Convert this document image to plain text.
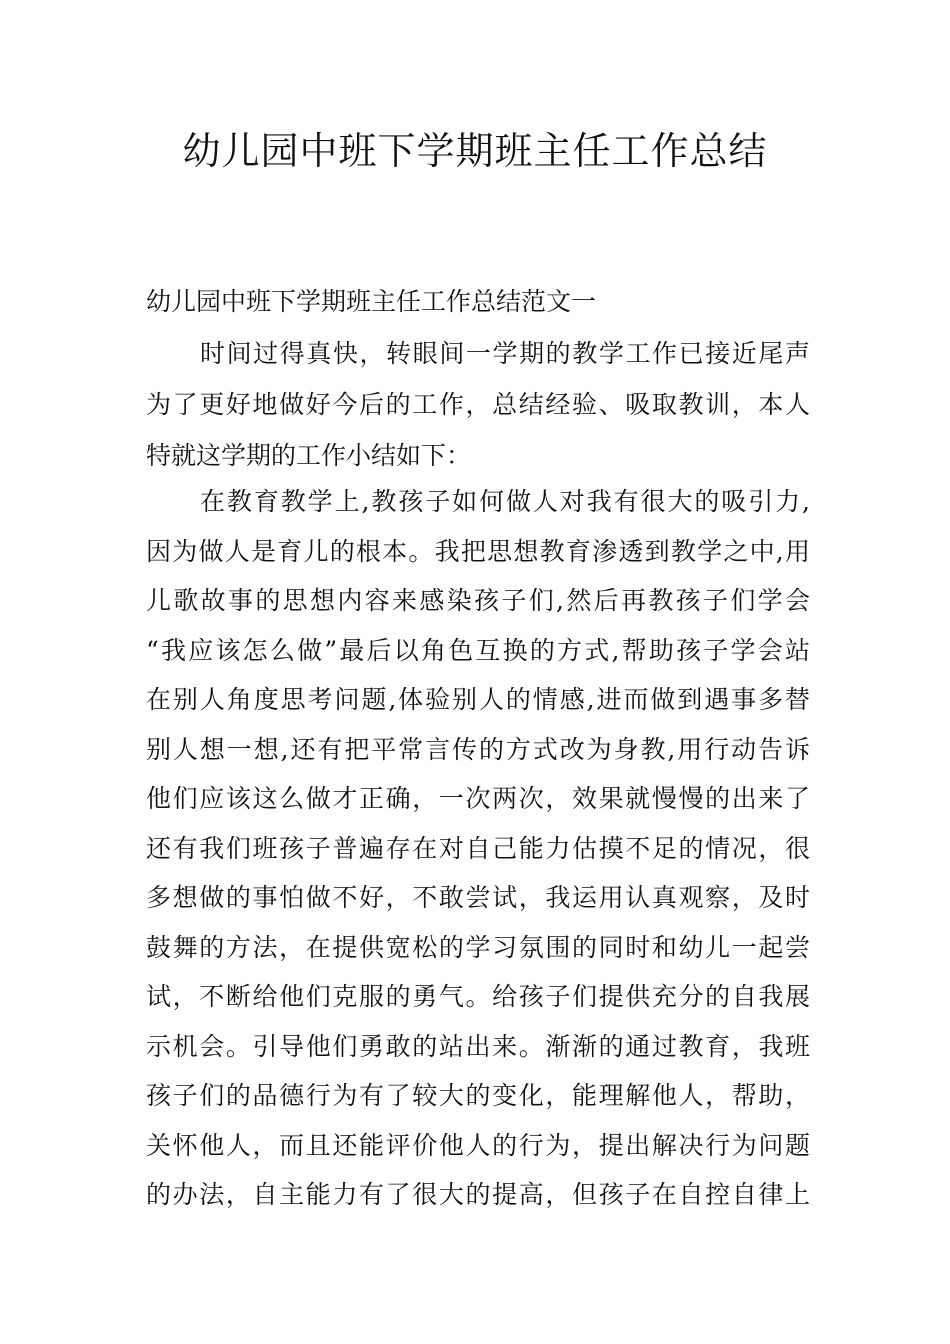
幼儿园中班下学期班主任工作总结
幼儿园中班下学期班主任工作总结范文一
时间过得真快，转眼间一学期的教学工作已接近尾声
为了更好地做好今后的工作，总结经验、吸取教训，本人
特就这学期的工作小结如下：
在教育教学上,教孩子如何做人对我有很大的吸引力,
因为做人是育儿的根本。我把思想教育渗透到教学之中,用
儿歌故事的思想内容来感染孩子们,然后再教孩子们学会
“我应该怎么做”最后以角色互换的方式,帮助孩子学会站
在别人角度思考问题,体验别人的情感,进而做到遇事多替
别人想一想,还有把平常言传的方式改为身教,用行动告诉
他们应该这么做才正确，一次两次，效果就慢慢的出来了
还有我们班孩子普遍存在对自己能力估摸不足的情况，很
多想做的事怕做不好，不敢尝试，我运用认真观察，及时
鼓舞的方法，在提供宽松的学习氛围的同时和幼儿一起尝
试，不断给他们克服的勇气。给孩子们提供充分的自我展
示机会。引导他们勇敢的站出来。渐渐的通过教育，我班
孩子们的品德行为有了较大的变化，能理解他人，帮助，
关怀他人，而且还能评价他人的行为，提出解决行为问题
的办法，自主能力有了很大的提高，但孩子在自控自律上
